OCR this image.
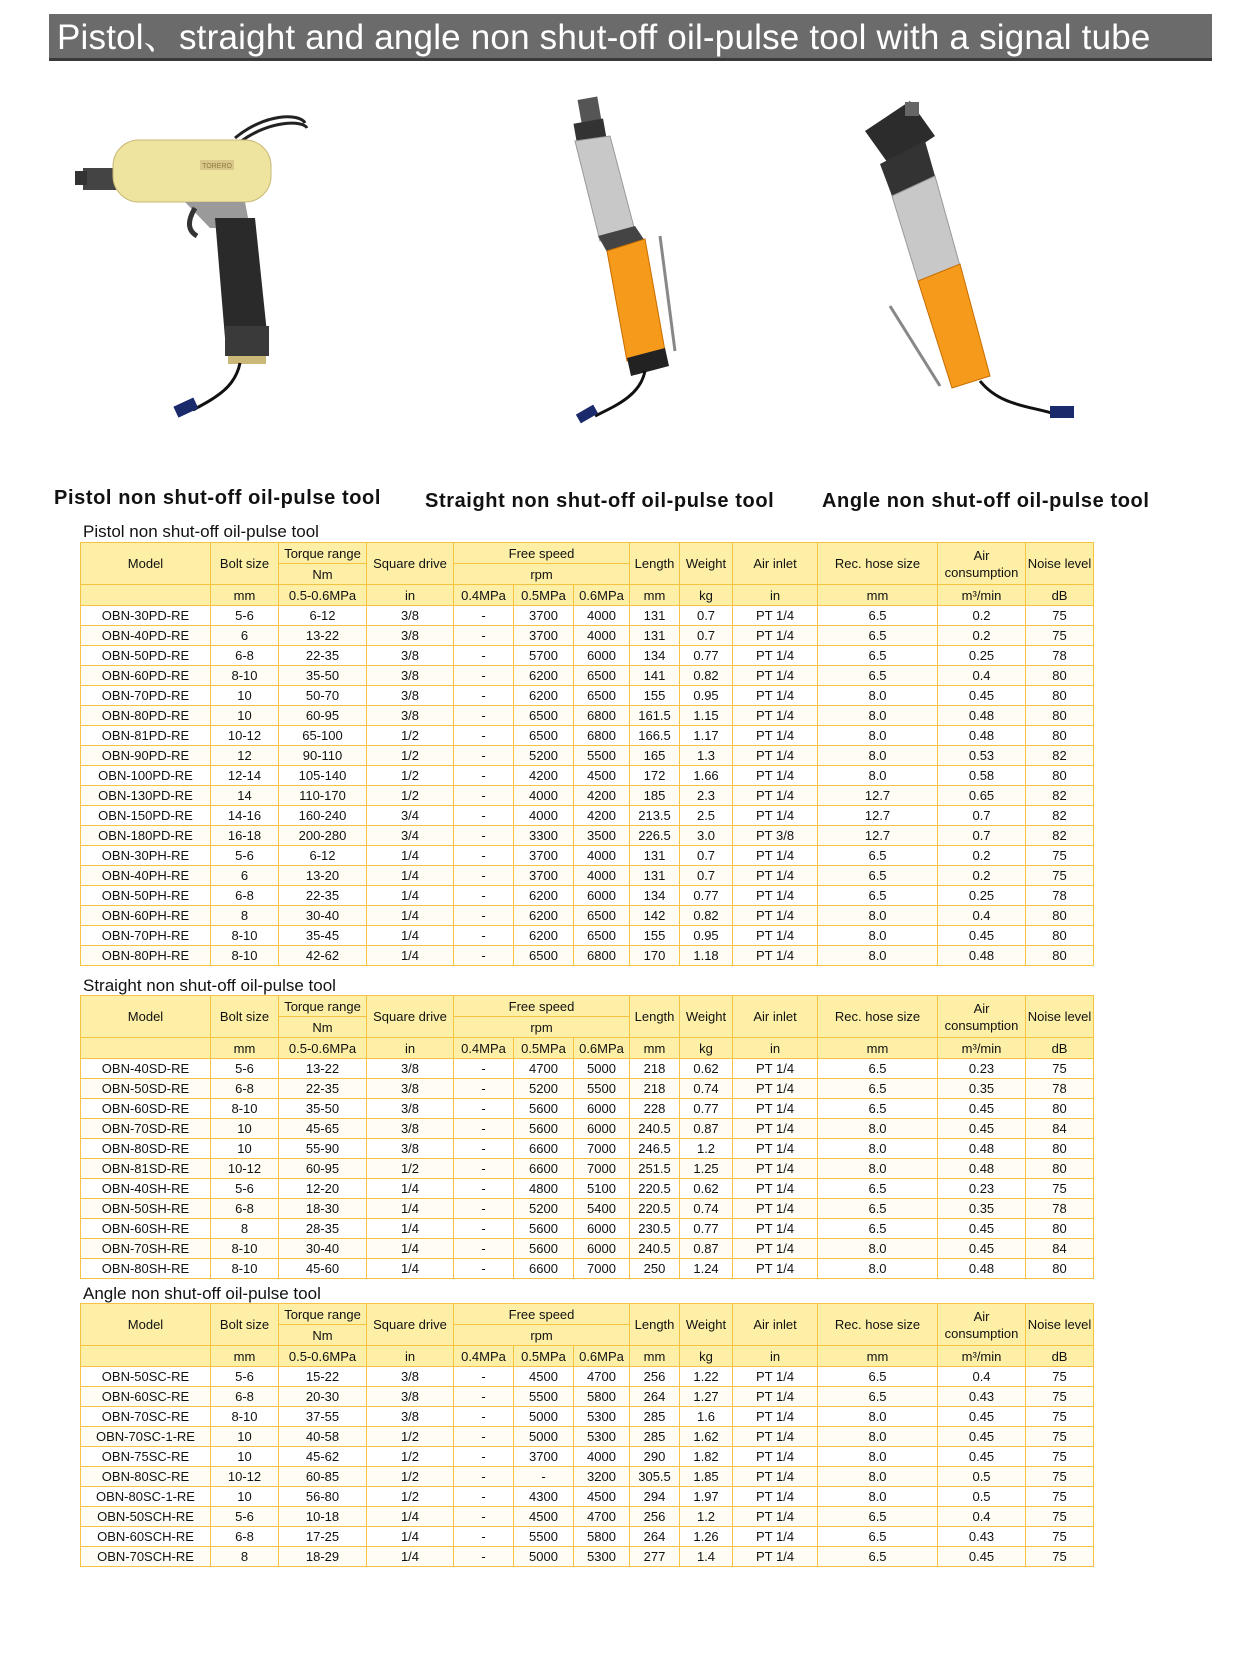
Pistol、straight and angle non shut-off oil-pulse tool with a signal tube
TORERO
Pistol non shut-off oil-pulse tool Straight non shut-off oil-pulse tool Angle non shut-off oil-pulse tool
Pistol non shut-off oil-pulse tool
Model	Bolt size	Torque range	Square drive	Free speed			Length	Weight	Air inlet	Rec. hose size	Air consumption	Noise level
		Nm		rpm								
	mm	0.5-0.6MPa	in	0.4MPa	0.5MPa	0.6MPa	mm	kg	in	mm	m³/min	dB
OBN-30PD-RE	5-6	6-12	3/8	-	3700	4000	131	0.7	PT 1/4	6.5	0.2	75
OBN-40PD-RE	6	13-22	3/8	-	3700	4000	131	0.7	PT 1/4	6.5	0.2	75
OBN-50PD-RE	6-8	22-35	3/8	-	5700	6000	134	0.77	PT 1/4	6.5	0.25	78
OBN-60PD-RE	8-10	35-50	3/8	-	6200	6500	141	0.82	PT 1/4	6.5	0.4	80
OBN-70PD-RE	10	50-70	3/8	-	6200	6500	155	0.95	PT 1/4	8.0	0.45	80
OBN-80PD-RE	10	60-95	3/8	-	6500	6800	161.5	1.15	PT 1/4	8.0	0.48	80
OBN-81PD-RE	10-12	65-100	1/2	-	6500	6800	166.5	1.17	PT 1/4	8.0	0.48	80
OBN-90PD-RE	12	90-110	1/2	-	5200	5500	165	1.3	PT 1/4	8.0	0.53	82
OBN-100PD-RE	12-14	105-140	1/2	-	4200	4500	172	1.66	PT 1/4	8.0	0.58	80
OBN-130PD-RE	14	110-170	1/2	-	4000	4200	185	2.3	PT 1/4	12.7	0.65	82
OBN-150PD-RE	14-16	160-240	3/4	-	4000	4200	213.5	2.5	PT 1/4	12.7	0.7	82
OBN-180PD-RE	16-18	200-280	3/4	-	3300	3500	226.5	3.0	PT 3/8	12.7	0.7	82
OBN-30PH-RE	5-6	6-12	1/4	-	3700	4000	131	0.7	PT 1/4	6.5	0.2	75
OBN-40PH-RE	6	13-20	1/4	-	3700	4000	131	0.7	PT 1/4	6.5	0.2	75
OBN-50PH-RE	6-8	22-35	1/4	-	6200	6000	134	0.77	PT 1/4	6.5	0.25	78
OBN-60PH-RE	8	30-40	1/4	-	6200	6500	142	0.82	PT 1/4	8.0	0.4	80
OBN-70PH-RE	8-10	35-45	1/4	-	6200	6500	155	0.95	PT 1/4	8.0	0.45	80
OBN-80PH-RE	8-10	42-62	1/4	-	6500	6800	170	1.18	PT 1/4	8.0	0.48	80
Straight non shut-off oil-pulse tool
Model	Bolt size	Torque range	Square drive	Free speed			Length	Weight	Air inlet	Rec. hose size	Air consumption	Noise level
		Nm		rpm								
	mm	0.5-0.6MPa	in	0.4MPa	0.5MPa	0.6MPa	mm	kg	in	mm	m³/min	dB
OBN-40SD-RE	5-6	13-22	3/8	-	4700	5000	218	0.62	PT 1/4	6.5	0.23	75
OBN-50SD-RE	6-8	22-35	3/8	-	5200	5500	218	0.74	PT 1/4	6.5	0.35	78
OBN-60SD-RE	8-10	35-50	3/8	-	5600	6000	228	0.77	PT 1/4	6.5	0.45	80
OBN-70SD-RE	10	45-65	3/8	-	5600	6000	240.5	0.87	PT 1/4	8.0	0.45	84
OBN-80SD-RE	10	55-90	3/8	-	6600	7000	246.5	1.2	PT 1/4	8.0	0.48	80
OBN-81SD-RE	10-12	60-95	1/2	-	6600	7000	251.5	1.25	PT 1/4	8.0	0.48	80
OBN-40SH-RE	5-6	12-20	1/4	-	4800	5100	220.5	0.62	PT 1/4	6.5	0.23	75
OBN-50SH-RE	6-8	18-30	1/4	-	5200	5400	220.5	0.74	PT 1/4	6.5	0.35	78
OBN-60SH-RE	8	28-35	1/4	-	5600	6000	230.5	0.77	PT 1/4	6.5	0.45	80
OBN-70SH-RE	8-10	30-40	1/4	-	5600	6000	240.5	0.87	PT 1/4	8.0	0.45	84
OBN-80SH-RE	8-10	45-60	1/4	-	6600	7000	250	1.24	PT 1/4	8.0	0.48	80
Angle non shut-off oil-pulse tool
Model	Bolt size	Torque range	Square drive	Free speed			Length	Weight	Air inlet	Rec. hose size	Air consumption	Noise level
		Nm		rpm								
	mm	0.5-0.6MPa	in	0.4MPa	0.5MPa	0.6MPa	mm	kg	in	mm	m³/min	dB
OBN-50SC-RE	5-6	15-22	3/8	-	4500	4700	256	1.22	PT 1/4	6.5	0.4	75
OBN-60SC-RE	6-8	20-30	3/8	-	5500	5800	264	1.27	PT 1/4	6.5	0.43	75
OBN-70SC-RE	8-10	37-55	3/8	-	5000	5300	285	1.6	PT 1/4	8.0	0.45	75
OBN-70SC-1-RE	10	40-58	1/2	-	5000	5300	285	1.62	PT 1/4	8.0	0.45	75
OBN-75SC-RE	10	45-62	1/2	-	3700	4000	290	1.82	PT 1/4	8.0	0.45	75
OBN-80SC-RE	10-12	60-85	1/2	-	-	3200	305.5	1.85	PT 1/4	8.0	0.5	75
OBN-80SC-1-RE	10	56-80	1/2	-	4300	4500	294	1.97	PT 1/4	8.0	0.5	75
OBN-50SCH-RE	5-6	10-18	1/4	-	4500	4700	256	1.2	PT 1/4	6.5	0.4	75
OBN-60SCH-RE	6-8	17-25	1/4	-	5500	5800	264	1.26	PT 1/4	6.5	0.43	75
OBN-70SCH-RE	8	18-29	1/4	-	5000	5300	277	1.4	PT 1/4	6.5	0.45	75
